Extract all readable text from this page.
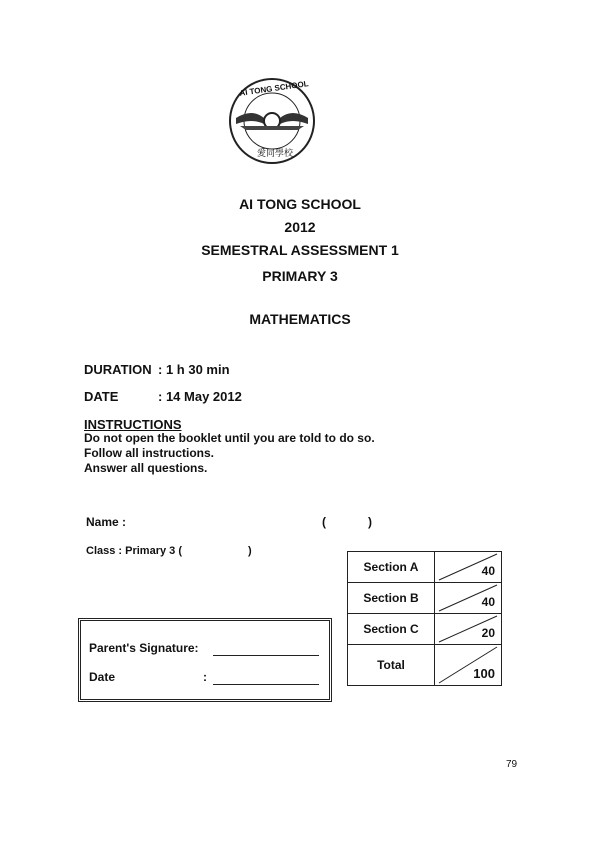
AI TONG SCHOOL
愛同學校
AI TONG SCHOOL
2012
SEMESTRAL ASSESSMENT 1
PRIMARY 3
MATHEMATICS
DURATION : 1 h 30 min
DATE	: 14 May 2012
INSTRUCTIONS
Do not open the booklet until you are told to do so.
Follow all instructions.
Answer all questions.
Name :	(	)
Class : Primary 3 (	)
Section A	40

Section B	40

Section C	20

Total	100
Parent's Signature:
Date	:
79
